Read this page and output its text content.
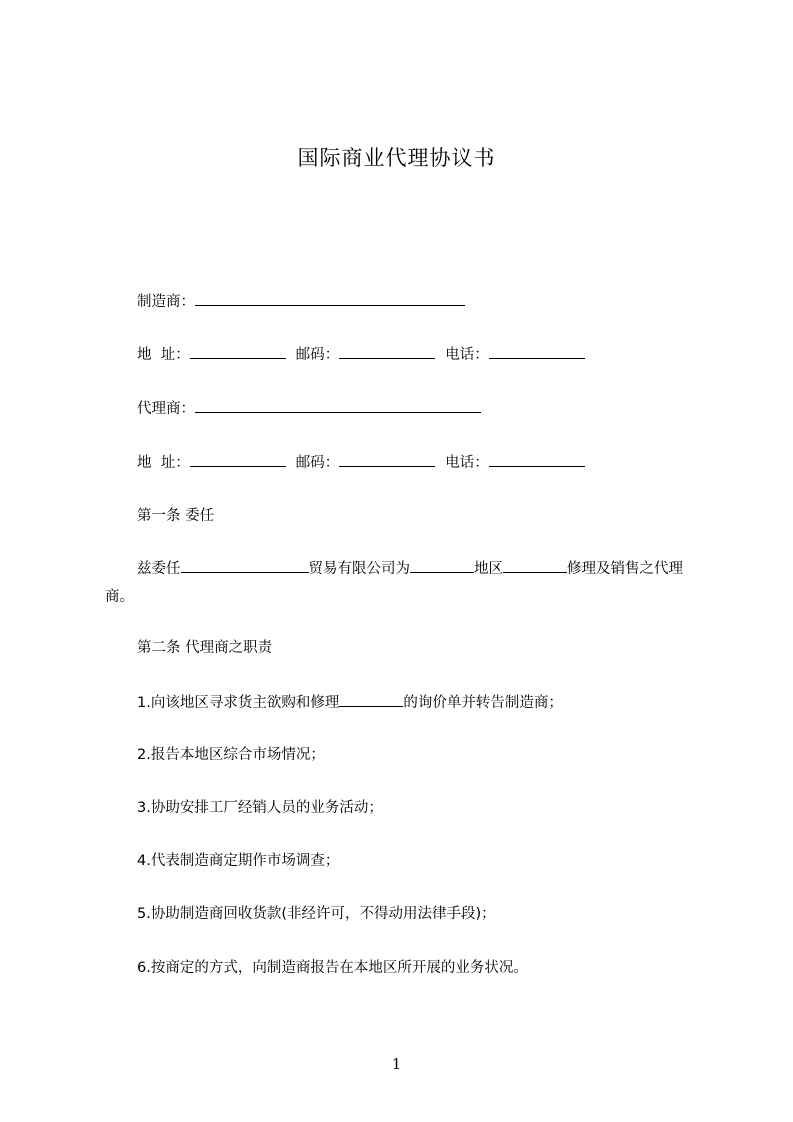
国际商业代理协议书
制造商：
地  址：	邮码：	电话：
代理商：
地  址：	邮码：	电话：
第一条 委任
兹委任	贸易有限公司为	地区	修理及销售之代理商。
第二条 代理商之职责
1.向该地区寻求货主欲购和修理	的询价单并转告制造商；
2.报告本地区综合市场情况；
3.协助安排工厂经销人员的业务活动；
4.代表制造商定期作市场调查；
5.协助制造商回收货款(非经许可，不得动用法律手段)；
6.按商定的方式，向制造商报告在本地区所开展的业务状况。
1
